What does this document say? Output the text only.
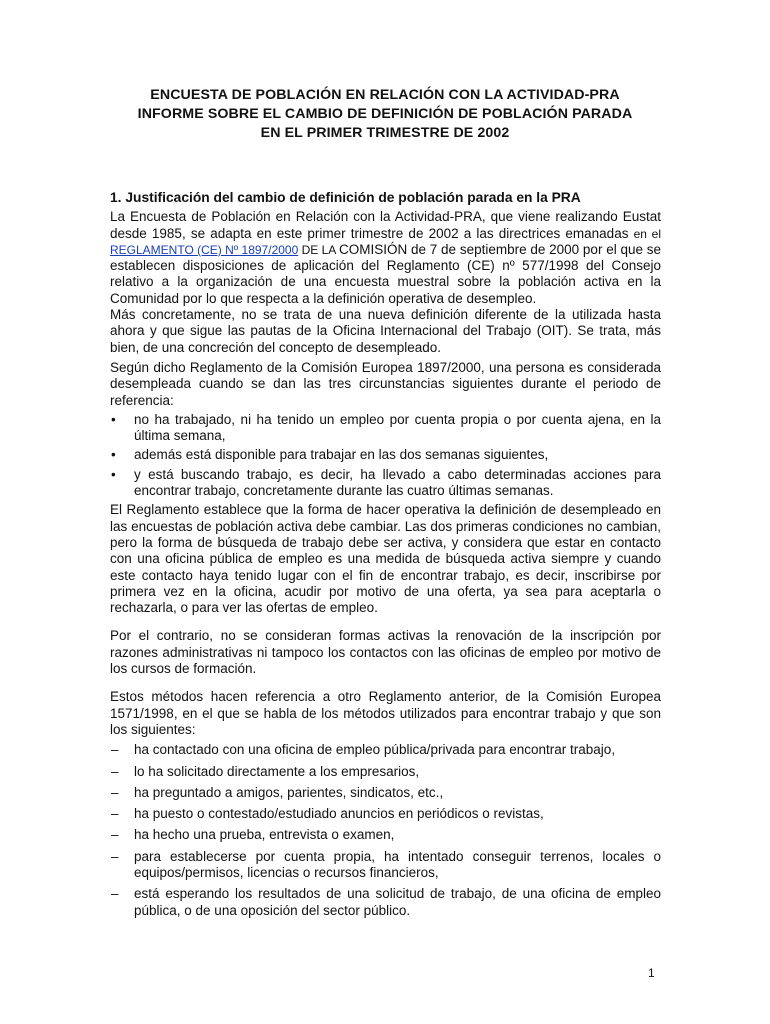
ENCUESTA DE POBLACIÓN EN RELACIÓN CON LA ACTIVIDAD-PRA
INFORME SOBRE EL CAMBIO DE DEFINICIÓN DE POBLACIÓN PARADA
EN EL PRIMER TRIMESTRE DE 2002
1. Justificación del cambio de definición de población parada en la PRA

La Encuesta de Población en Relación con la Actividad-PRA, que viene realizando Eustat desde 1985, se adapta en este primer trimestre de 2002 a las directrices emanadas en el REGLAMENTO (CE) Nº 1897/2000 DE LA COMISIÓN de 7 de septiembre de 2000 por el que se establecen disposiciones de aplicación del Reglamento (CE) nº 577/1998 del Consejo relativo a la organización de una encuesta muestral sobre la población activa en la Comunidad por lo que respecta a la definición operativa de desempleo.

Más concretamente, no se trata de una nueva definición diferente de la utilizada hasta ahora y que sigue las pautas de la Oficina Internacional del Trabajo (OIT). Se trata, más bien, de una concreción del concepto de desempleado.

Según dicho Reglamento de la Comisión Europea 1897/2000, una persona es considerada desempleada cuando se dan las tres circunstancias siguientes durante el periodo de referencia:

• no ha trabajado, ni ha tenido un empleo por cuenta propia o por cuenta ajena, en la última semana,
• además está disponible para trabajar en las dos semanas siguientes,
• y está buscando trabajo, es decir, ha llevado a cabo determinadas acciones para encontrar trabajo, concretamente durante las cuatro últimas semanas.

El Reglamento establece que la forma de hacer operativa la definición de desempleado en las encuestas de población activa debe cambiar. Las dos primeras condiciones no cambian, pero la forma de búsqueda de trabajo debe ser activa, y considera que estar en contacto con una oficina pública de empleo es una medida de búsqueda activa siempre y cuando este contacto haya tenido lugar con el fin de encontrar trabajo, es decir, inscribirse por primera vez en la oficina, acudir por motivo de una oferta, ya sea para aceptarla o rechazarla, o para ver las ofertas de empleo.

Por el contrario, no se consideran formas activas la renovación de la inscripción por razones administrativas ni tampoco los contactos con las oficinas de empleo por motivo de los cursos de formación.

Estos métodos hacen referencia a otro Reglamento anterior, de la Comisión Europea 1571/1998, en el que se habla de los métodos utilizados para encontrar trabajo y que son los siguientes:

– ha contactado con una oficina de empleo pública/privada para encontrar trabajo,
– lo ha solicitado directamente a los empresarios,
– ha preguntado a amigos, parientes, sindicatos, etc.,
– ha puesto o contestado/estudiado anuncios en periódicos o revistas,
– ha hecho una prueba, entrevista o examen,
– para establecerse por cuenta propia, ha intentado conseguir terrenos, locales o equipos/permisos, licencias o recursos financieros,
– está esperando los resultados de una solicitud de trabajo, de una oficina de empleo pública, o de una oposición del sector público.
1
